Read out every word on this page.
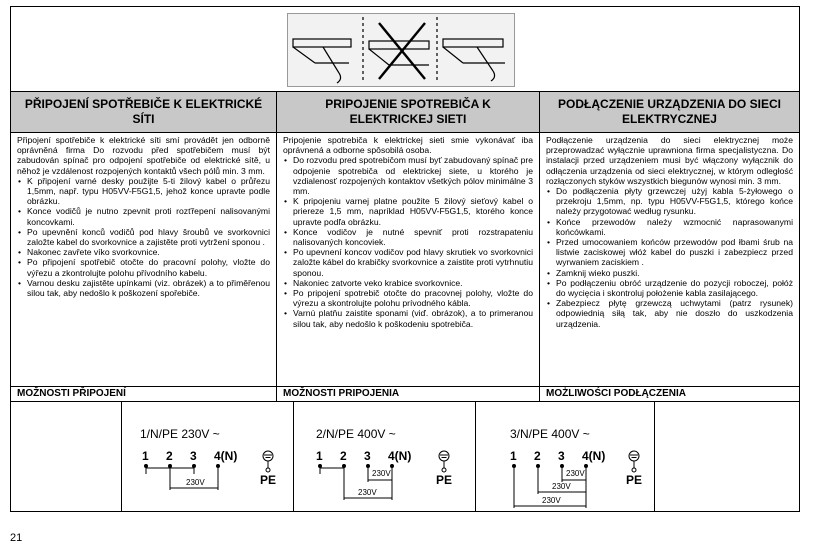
PŘIPOJENÍ SPOTŘEBIČE K ELEKTRICKÉ SÍTI
PRIPOJENIE SPOTREBIČA K ELEKTRICKEJ SIETI
PODŁĄCZENIE URZĄDZENIA DO SIECI ELEKTRYCZNEJ

Připojení spotřebiče k elektrické síti smí provádět jen odborně oprávněná firma Do rozvodu před spotřebičem musí být zabudován spínač pro odpojení spotřebiče od elektrické sítě, u něhož je vzdálenost rozpojených kontaktů všech pólů min. 3 mm.

• K připojení varné desky použijte 5-ti žilový kabel o průřezu 1,5mm, např. typu H05VV-F5G1,5, jehož konce upravte podle obrázku.
• Konce vodičů je nutno zpevnit proti rozťřepení nalisovanými koncovkami.
• Po upevnění konců vodičů pod hlavy šroubů ve svorkovnici založte kabel do svorkovnice a zajistěte proti vytržení sponou .
• Nakonec zavřete víko svorkovnice.
• Po připojení spotřebič otočte do pracovní polohy, vložte do výřezu a zkontrolujte polohu přívodního kabelu.
• Varnou desku zajistěte upínkami (viz. obrázek) a to přiměřenou silou tak, aby nedošlo k poškození spořebiče.

Pripojenie spotrebiča k elektrickej sieti smie vykonávať iba oprávnená a odborne spôsobilá osoba.

• Do rozvodu pred spotrebičom musí byť zabudovaný spínač pre odpojenie spotrebiča od elektrickej siete, u ktorého je vzdialenosť rozpojených kontaktov všetkých pólov minimálne 3 mm.
• K pripojeniu varnej platne použite 5 žilový sieťový kabel o priereze 1,5 mm, napríklad H05VV-F5G1,5, ktorého konce upravte podľa obrázku.
• Konce vodičov je nutné spevniť proti rozstrapateniu nalisovaných koncoviek.
• Po upevnení koncov vodičov pod hlavy skrutiek vo svorkovnici založte kábel do krabičky svorkovnice a zaistite proti vytrhnutiu sponou.
• Nakoniec zatvorte veko krabice svorkovnice.
• Po pripojení spotrebič otočte do pracovnej polohy, vložte do výrezu a skontrolujte polohu prívodného kábla.
• Varnú platňu zaistite sponami (viď. obrázok), a to primeranou silou tak, aby nedošlo k poškodeniu spotrebiča.

Podłączenie urządzenia do sieci elektrycznej może przeprowadzać wyłącznie uprawniona firma specjalistyczna. Do instalacji przed urządzeniem musi być włączony wyłącznik do odłączenia urządzenia od sieci elektrycznej, w którym odległość rozłączonych styków wszystkich biegunów wynosi min. 3 mm.

• Do podłączenia płyty grzewczej użyj kabla 5-żyłowego o przekroju 1,5mm, np. typu H05VV-F5G1,5, którego końce należy przygotować według rysunku.
• Końce przewodów należy wzmocnić naprasowanymi końcówkami.
• Przed umocowaniem końców przewodów pod łbami śrub na listwie zaciskowej włóż kabel do puszki i zabezpiecz przed wyrwaniem zaciskiem .
• Zamknij wieko puszki.
• Po podłączeniu obróć urządzenie do pozycji roboczej, połóż do wycięcia i skontroluj położenie kabla zasilającego.
• Zabezpiecz płytę grzewczą uchwytami (patrz rysunek) odpowiednią siłą tak, aby nie doszło do uszkodzenia urządzenia.
MOŽNOSTI PŘIPOJENÍ	MOŽNOSTI PRIPOJENIA	MOŻLIWOŚCI PODŁĄCZENIA
1/N/PE 230V ~
1 2 3 4(N)
230V	PE
2/N/PE 400V ~
1 2 3 4(N)
230V
230V
PE
3/N/PE 400V ~
1 2 3 4(N)
230V
230V
230V
PE
21
